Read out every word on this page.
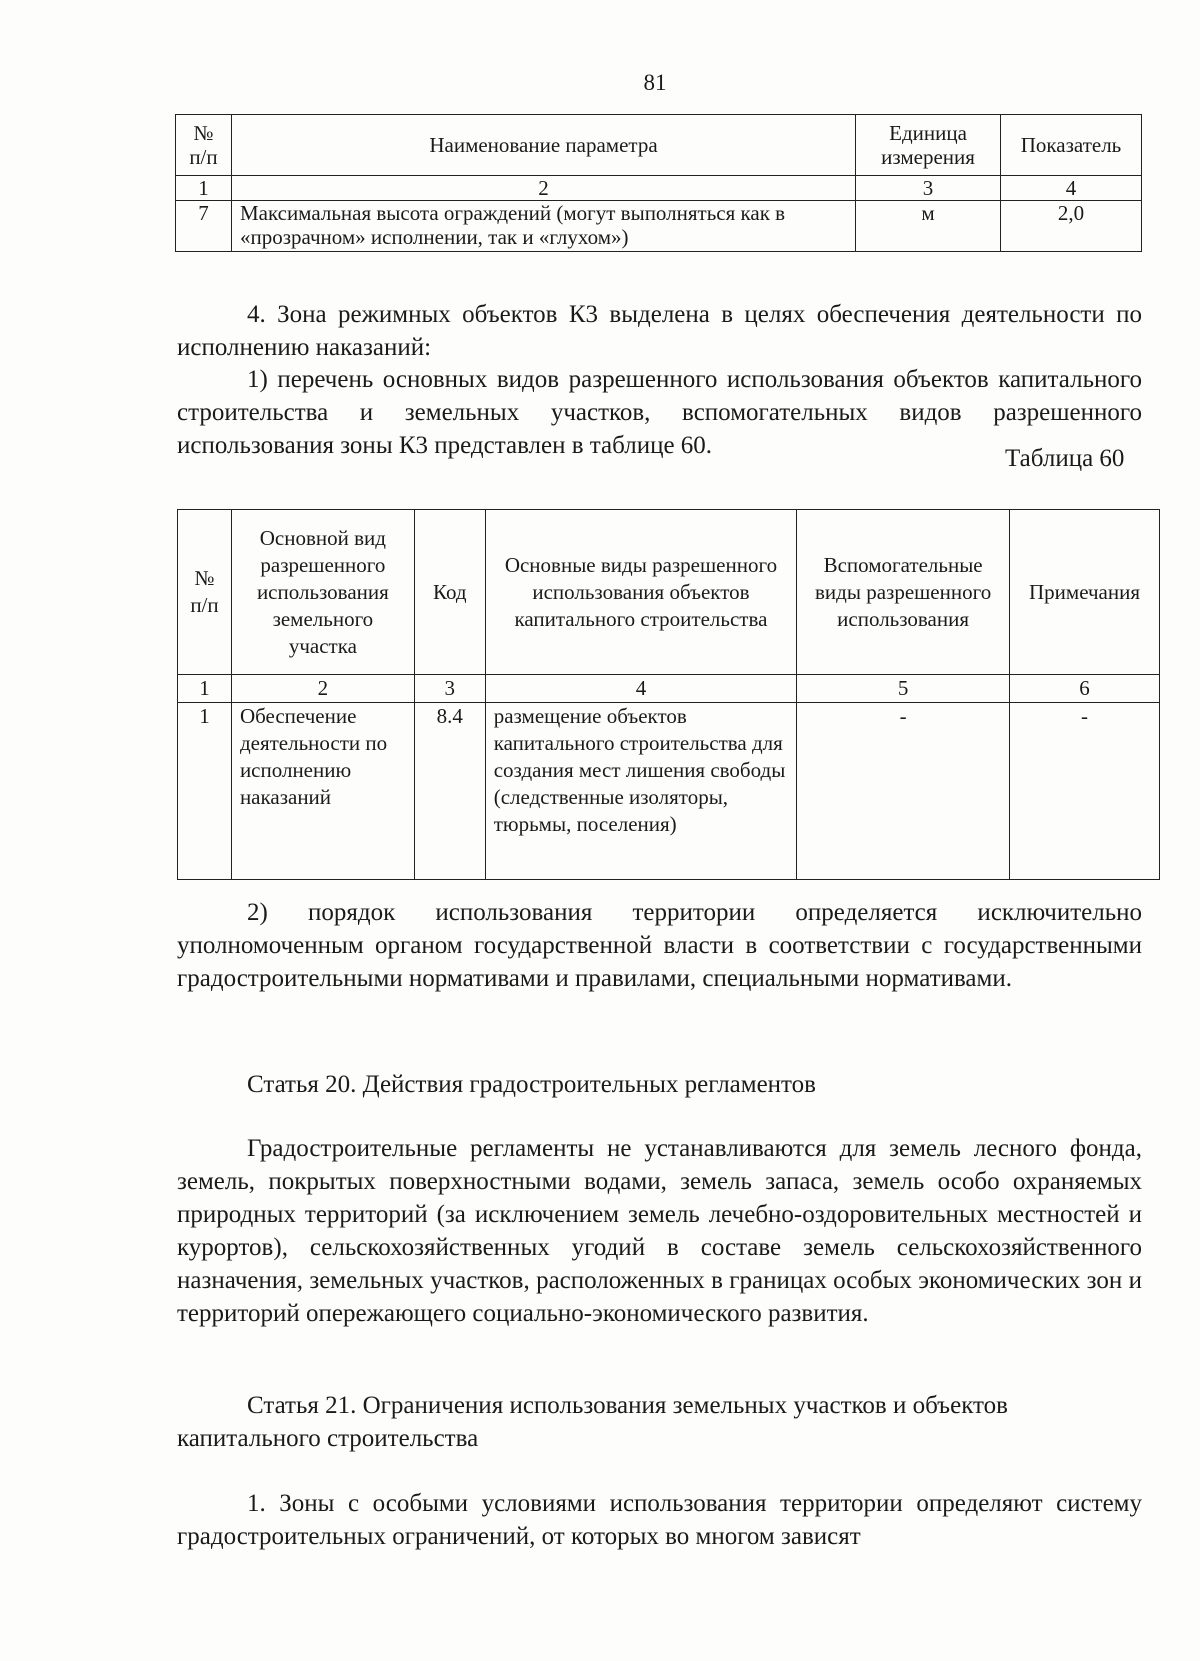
81
№ п/п	Наименование параметра	Единица измерения	Показатель
1	2	3	4
7	Максимальная высота ограждений (могут выполняться как в «прозрачном» исполнении, так и «глухом»)	м	2,0
4. Зона режимных объектов К3 выделена в целях обеспечения деятельности по исполнению наказаний:
1) перечень основных видов разрешенного использования объектов капитального строительства и земельных участков, вспомогательных видов разрешенного использования зоны К3 представлен в таблице 60.	Таблица 60
№ п/п	Основной вид разрешенного использования земельного участка	Код	Основные виды разрешенного использования объектов капитального строительства	Вспомогательные виды разрешенного использования	Примечания
1	2	3	4	5	6
1	Обеспечение деятельности по исполнению наказаний	8.4	размещение объектов капитального строительства для создания мест лишения свободы (следственные изоляторы, тюрьмы, поселения)	-	-
2) порядок использования территории определяется исключительно уполномоченным органом государственной власти в соответствии с государственными градостроительными нормативами и правилами, специальными нормативами.
Статья 20. Действия градостроительных регламентов
Градостроительные регламенты не устанавливаются для земель лесного фонда, земель, покрытых поверхностными водами, земель запаса, земель особо охраняемых природных территорий (за исключением земель лечебно-оздоровительных местностей и курортов), сельскохозяйственных угодий в составе земель сельскохозяйственного назначения, земельных участков, расположенных в границах особых экономических зон и территорий опережающего социально-экономического развития.
Статья 21. Ограничения использования земельных участков и объектов капитального строительства
1. Зоны с особыми условиями использования территории определяют систему градостроительных ограничений, от которых во многом зависят
